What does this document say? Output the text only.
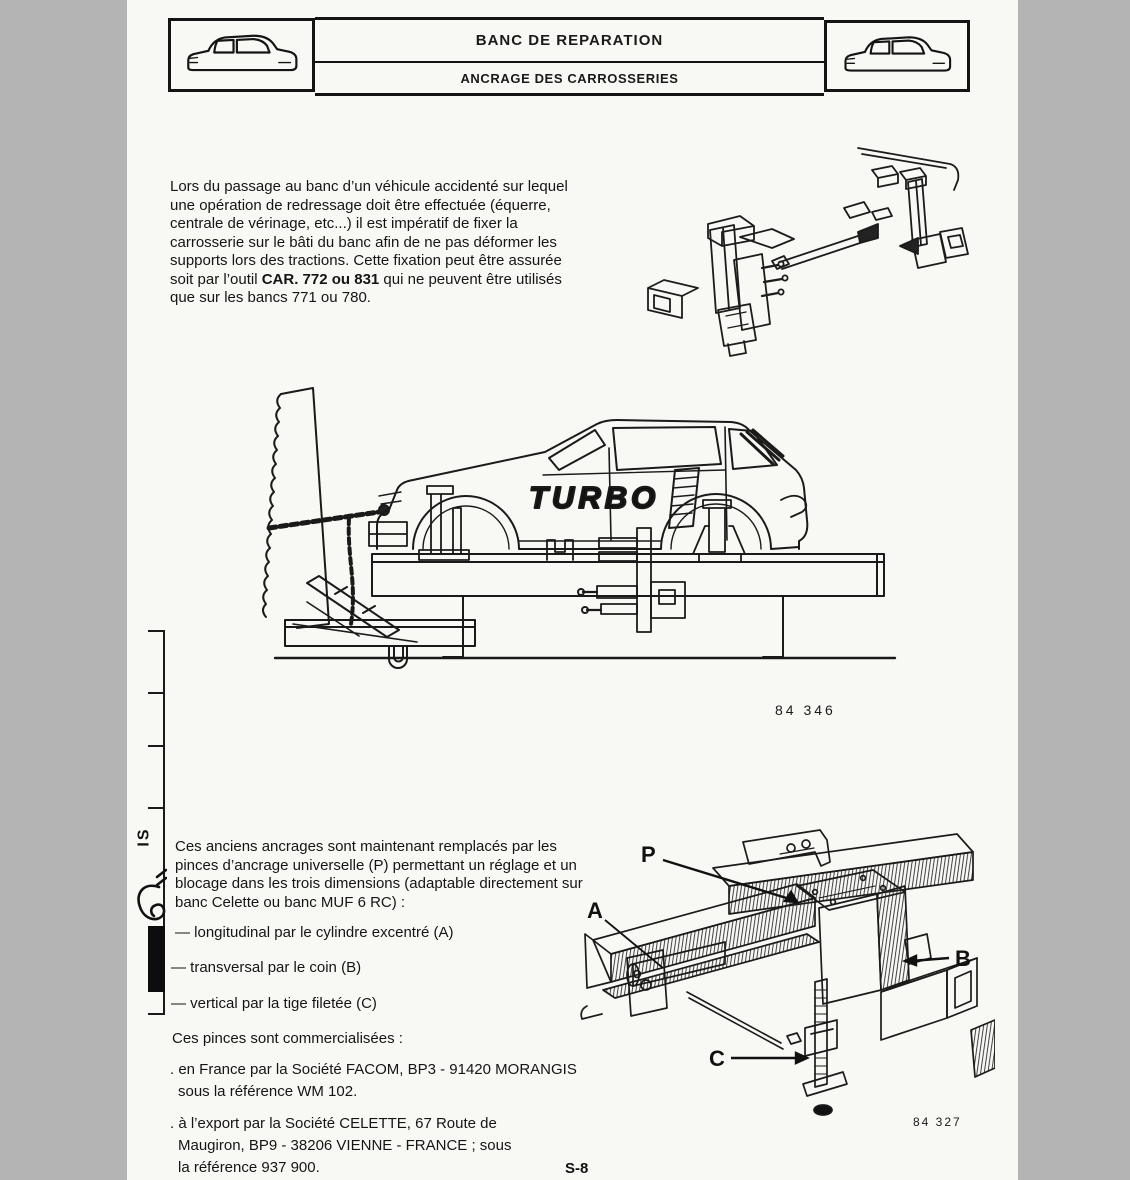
BANC DE REPARATION
ANCRAGE DES CARROSSERIES
Lors du passage au banc d’un véhicule accidenté sur lequel une opération de redressage doit être effectuée (équerre, centrale de vérinage, etc...) il est impératif de fixer la carrosserie sur le bâti du banc afin de ne pas déformer les supports lors des tractions. Cette fixation peut être assurée soit par l’outil CAR. 772 ou 831 qui ne peuvent être utilisés que sur les bancs 771 ou 780.
TURBO
84 346
IS Ces anciens ancrages sont maintenant remplacés par les pinces d’ancrage universelle (P) permettant un réglage et un blocage dans les trois dimensions (adaptable directement sur banc Celette ou banc MUF 6 RC) :
— longitudinal par le cylindre excentré (A)
— transversal par le coin (B)
— vertical par la tige filetée (C)
Ces pinces sont commercialisées :
. en France par la Société FACOM, BP3 - 91420 MORANGIS
sous la référence WM 102.
. à l’export par la Société CELETTE, 67 Route de
Maugiron, BP9 - 38206 VIENNE - FRANCE ; sous
la référence 937 900.
P
A
B
C
84 327
S-8
